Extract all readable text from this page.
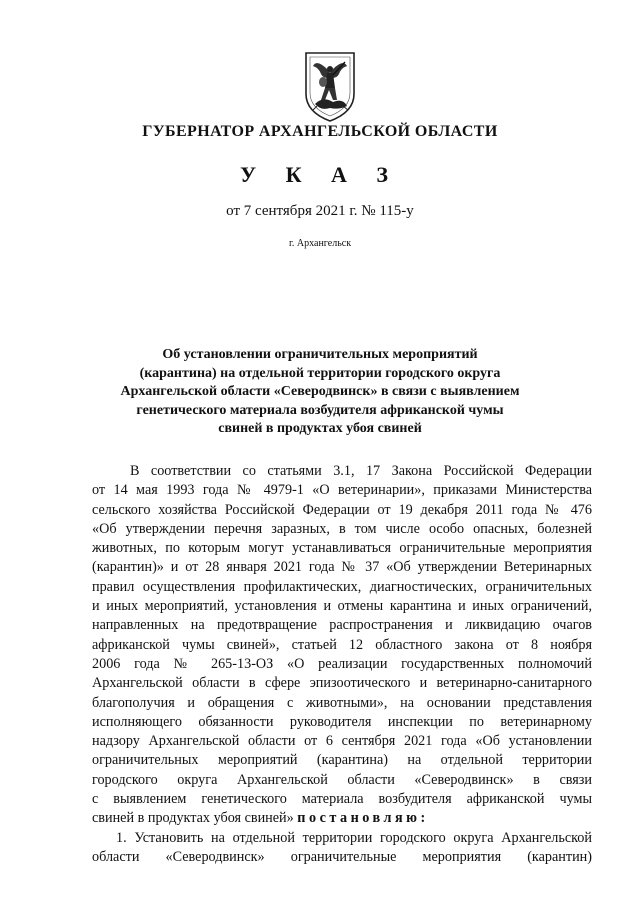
ГУБЕРНАТОР АРХАНГЕЛЬСКОЙ ОБЛАСТИ
У К А З
от 7 сентября 2021 г. № 115-у
г. Архангельск
Об установлении ограничительных мероприятий
(карантина) на отдельной территории городского округа
Архангельской области «Северодвинск» в связи с выявлением
генетического материала возбудителя африканской чумы
свиней в продуктах убоя свиней
В соответствии со статьями 3.1, 17 Закона Российской Федерации
от 14 мая 1993 года № 4979-1 «О ветеринарии», приказами Министерства
сельского хозяйства Российской Федерации от 19 декабря 2011 года № 476
«Об утверждении перечня заразных, в том числе особо опасных, болезней
животных, по которым могут устанавливаться ограничительные мероприятия
(карантин)» и от 28 января 2021 года № 37 «Об утверждении Ветеринарных
правил осуществления профилактических, диагностических, ограничительных
и иных мероприятий, установления и отмены карантина и иных ограничений,
направленных на предотвращение распространения и ликвидацию очагов
африканской чумы свиней», статьей 12 областного закона от 8 ноября
2006 года № 265-13-ОЗ «О реализации государственных полномочий
Архангельской области в сфере эпизоотического и ветеринарно-санитарного
благополучия и обращения с животными», на основании представления
исполняющего обязанности руководителя инспекции по ветеринарному
надзору Архангельской области от 6 сентября 2021 года «Об установлении
ограничительных мероприятий (карантина) на отдельной территории
городского округа Архангельской области «Северодвинск» в связи
с выявлением генетического материала возбудителя африканской чумы
свиней в продуктах убоя свиней» постановляю:
1. Установить на отдельной территории городского округа Архангельской
области «Северодвинск» ограничительные мероприятия (карантин)
